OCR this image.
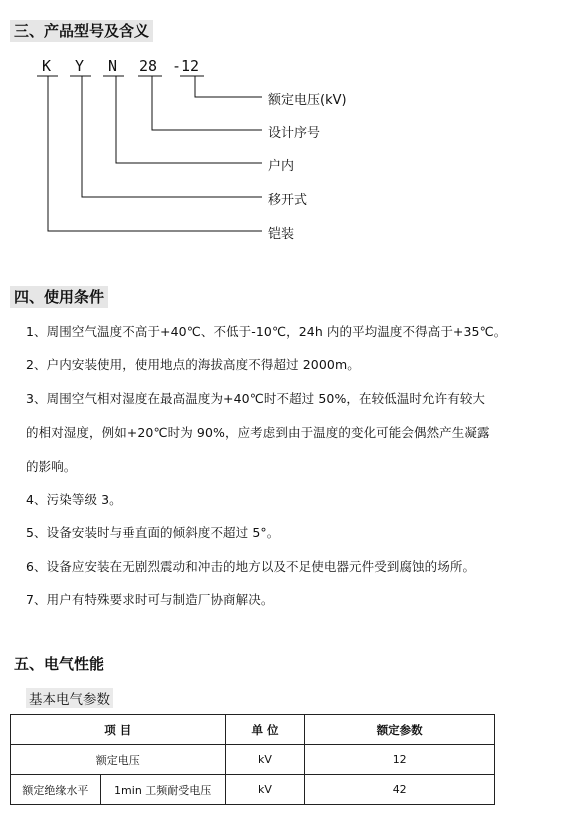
三、产品型号及含义
K Y N 28 -12
额定电压(kV)
设计序号
户内
移开式
铠装
四、使用条件
1、周围空气温度不高于+40℃、不低于-10℃，24h 内的平均温度不得高于+35℃。
2、户内安装使用，使用地点的海拔高度不得超过 2000m。
3、周围空气相对湿度在最高温度为+40℃时不超过 50%，在较低温时允许有较大
的相对湿度，例如+20℃时为 90%，应考虑到由于温度的变化可能会偶然产生凝露
的影响。
4、污染等级 3。
5、设备安装时与垂直面的倾斜度不超过 5°。
6、设备应安装在无剧烈震动和冲击的地方以及不足使电器元件受到腐蚀的场所。
7、用户有特殊要求时可与制造厂协商解决。
五、电气性能
基本电气参数
项 目		单 位	额定参数
额定电压		kV	12
额定绝缘水平	1min 工频耐受电压	kV	42
